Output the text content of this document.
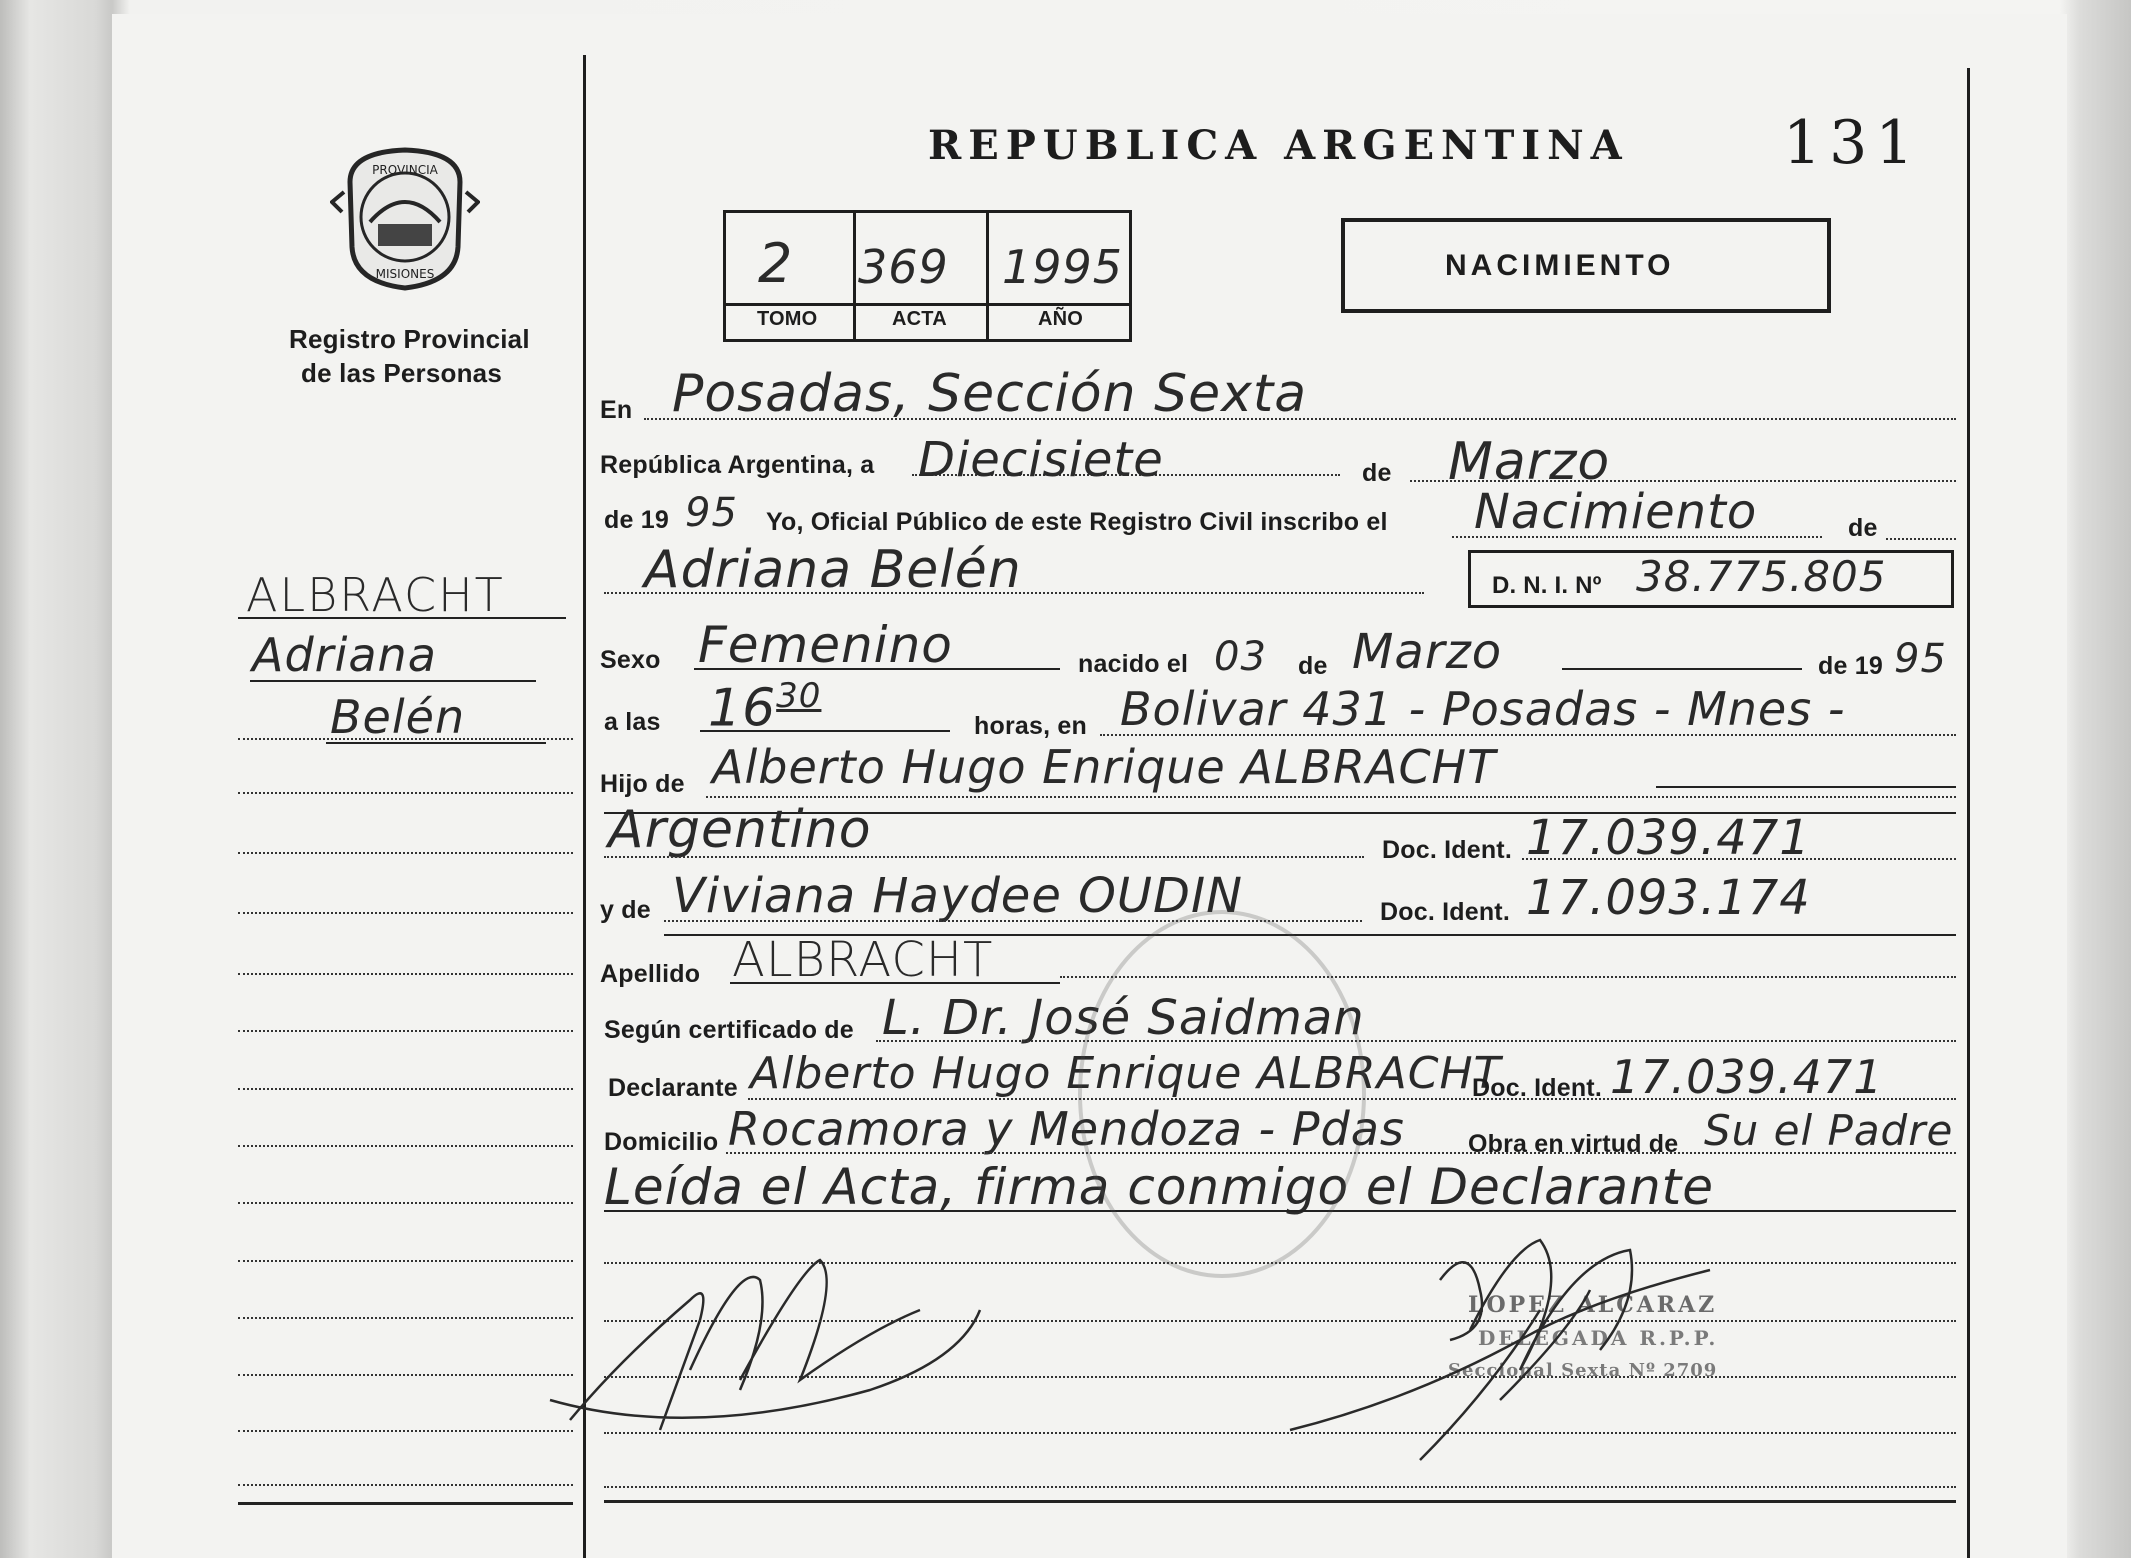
PROVINCIA
MISIONES
Registro Provincial
de las Personas
REPUBLICA ARGENTINA	131
2 369 1995
TOMO	ACTA	AÑO
NACIMIENTO
ALBRACHT
Adriana
Belén
En Posadas, Sección Sexta
República Argentina, a Diecisiete	de Marzo
de 19 95 Yo, Oficial Público de este Registro Civil inscribo el Nacimiento	de
Adriana Belén	D. N. I. Nº 38.775.805
Sexo Femenino	nacido el 03 de Marzo	de 19 95
a las $16^{30}$
horas, en Bolivar 431 - Posadas - Mnes -
Hijo de Alberto Hugo Enrique ALBRACHT
Argentino	Doc. Ident. 17.039.471
y de Viviana Haydee OUDIN	Doc. Ident. 17.093.174
Apellido ALBRACHT
Según certificado de L. Dr. José Saidman
Declarante Alberto Hugo Enrique ALBRACHT
Doc. Ident. 17.039.471
Domicilio Rocamora y Mendoza - Pdas	Obra en virtud de Su el Padre
Leída el Acta, firma conmigo el Declarante
LOPEZ ALCARAZ
DELEGADA R.P.P.
Seccional Sexta Nº 2709
